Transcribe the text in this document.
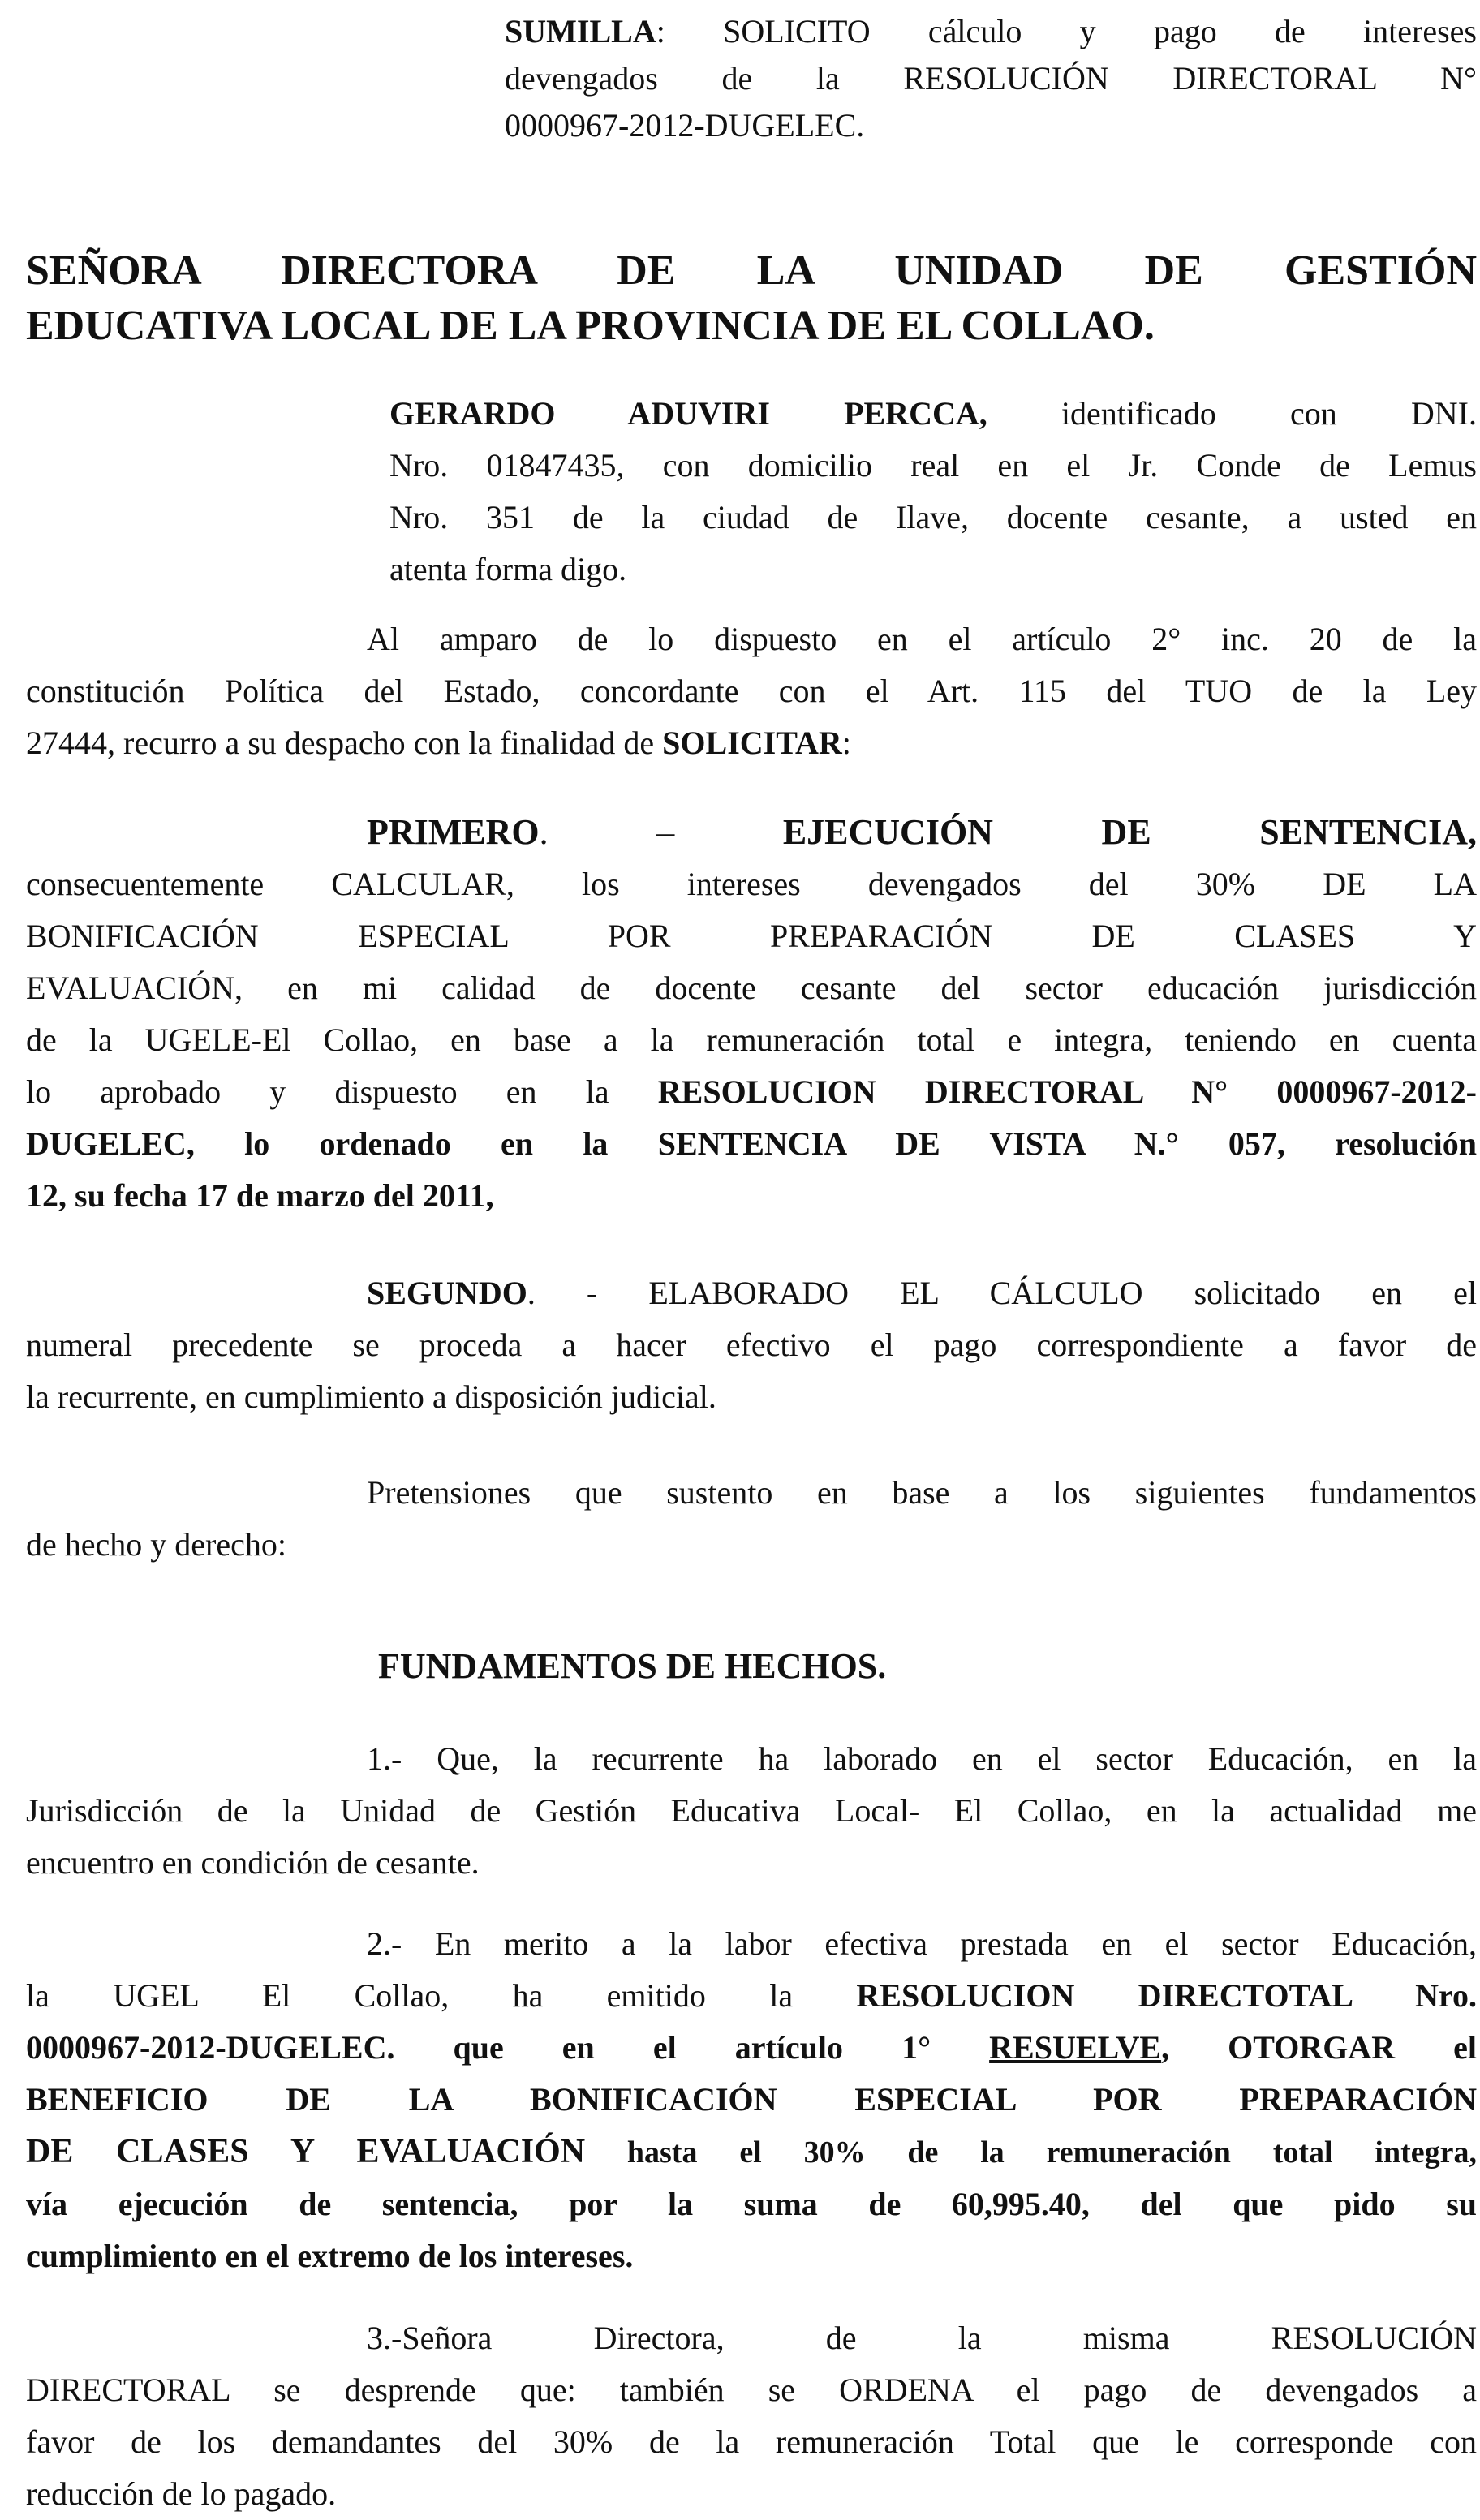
SUMILLA: SOLICITO cálculo y pago de intereses
devengados de la RESOLUCIÓN DIRECTORAL N°
0000967-2012-DUGELEC.
SEÑORA DIRECTORA DE LA UNIDAD DE GESTIÓN
EDUCATIVA LOCAL DE LA PROVINCIA DE EL COLLAO.
GERARDO ADUVIRI PERCCA, identificado con DNI.
Nro. 01847435, con domicilio real en el Jr. Conde de Lemus
Nro. 351 de la ciudad de Ilave, docente cesante, a usted en
atenta forma digo.
Al amparo de lo dispuesto en el artículo 2° inc. 20 de la
constitución Política del Estado, concordante con el Art. 115 del TUO de la Ley
27444, recurro a su despacho con la finalidad de SOLICITAR:
PRIMERO.	–	EJECUCIÓN	DE	SENTENCIA,
consecuentemente CALCULAR, los intereses devengados del 30% DE LA
BONIFICACIÓN ESPECIAL POR PREPARACIÓN DE CLASES Y
EVALUACIÓN, en mi calidad de docente cesante del sector educación jurisdicción
de la UGELE-El Collao, en base a la remuneración total e integra, teniendo en cuenta
lo aprobado y dispuesto en la RESOLUCION DIRECTORAL N° 0000967-2012-
DUGELEC, lo ordenado en la SENTENCIA DE VISTA N.° 057, resolución
12, su fecha 17 de marzo del 2011,
SEGUNDO. - ELABORADO EL CÁLCULO solicitado en el
numeral precedente se proceda a hacer efectivo el pago correspondiente a favor de
la recurrente, en cumplimiento a disposición judicial.
Pretensiones que sustento en base a los siguientes fundamentos
de hecho y derecho:
FUNDAMENTOS DE HECHOS.
1.- Que, la recurrente ha laborado en el sector Educación, en la
Jurisdicción de la Unidad de Gestión Educativa Local- El Collao, en la actualidad me
encuentro en condición de cesante.
2.- En merito a la labor efectiva prestada en el sector Educación,
la UGEL El Collao, ha emitido la RESOLUCION DIRECTOTAL Nro.
0000967-2012-DUGELEC. que en el artículo 1° RESUELVE, OTORGAR el
BENEFICIO DE LA BONIFICACIÓN ESPECIAL POR PREPARACIÓN
DE CLASES Y EVALUACIÓN hasta el 30% de la remuneración total integra,
vía ejecución de sentencia, por la suma de 60,995.40, del que pido su
cumplimiento en el extremo de los intereses.
3.-Señora Directora, de la misma RESOLUCIÓN
DIRECTORAL se desprende que: también se ORDENA el pago de devengados a
favor de los demandantes del 30% de la remuneración Total que le corresponde con
reducción de lo pagado.
